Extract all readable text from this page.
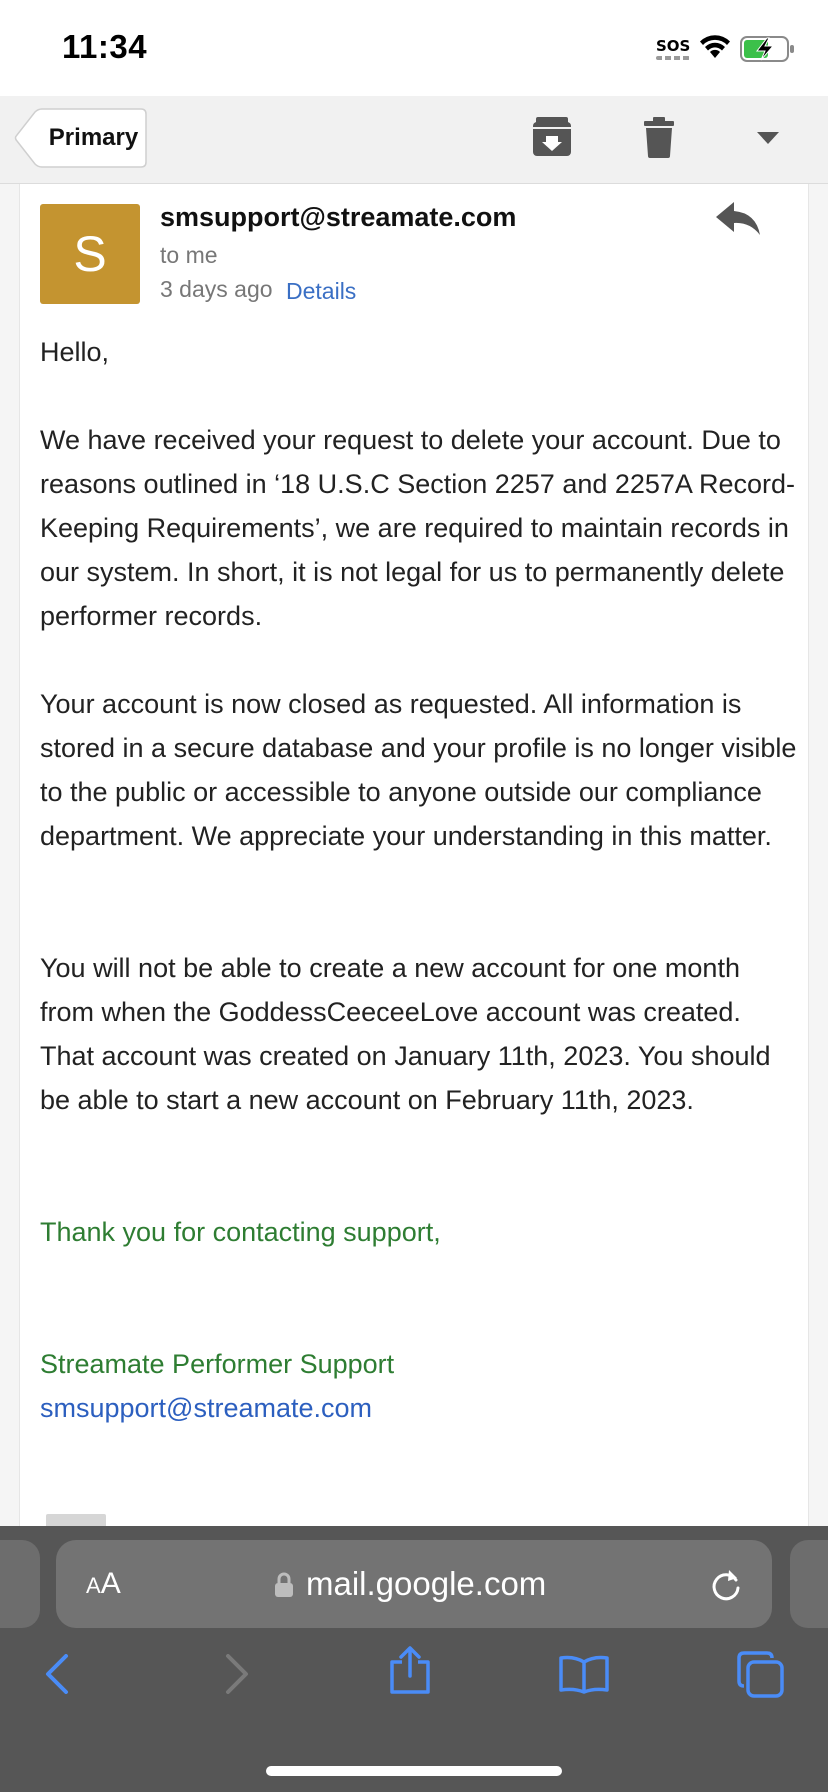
11:34	SOS
Primary
S
smsupport@streamate.com
to me
3 days ago Details
Hello,
We have received your request to delete your account. Due to reasons outlined in ‘18 U.S.C Section 2257 and 2257A Record-Keeping Requirements’, we are required to maintain records in our system. In short, it is not legal for us to permanently delete performer records.
Your account is now closed as requested. All information is stored in a secure database and your profile is no longer visible to the public or accessible to anyone outside our compliance department. We appreciate your understanding in this matter.
You will not be able to create a new account for one month from when the GoddessCeeceeLove account was created. That account was created on January 11th, 2023. You should be able to start a new account on February 11th, 2023.
Thank you for contacting support,
Streamate Performer Support
smsupport@streamate.com
AA	mail.google.com
